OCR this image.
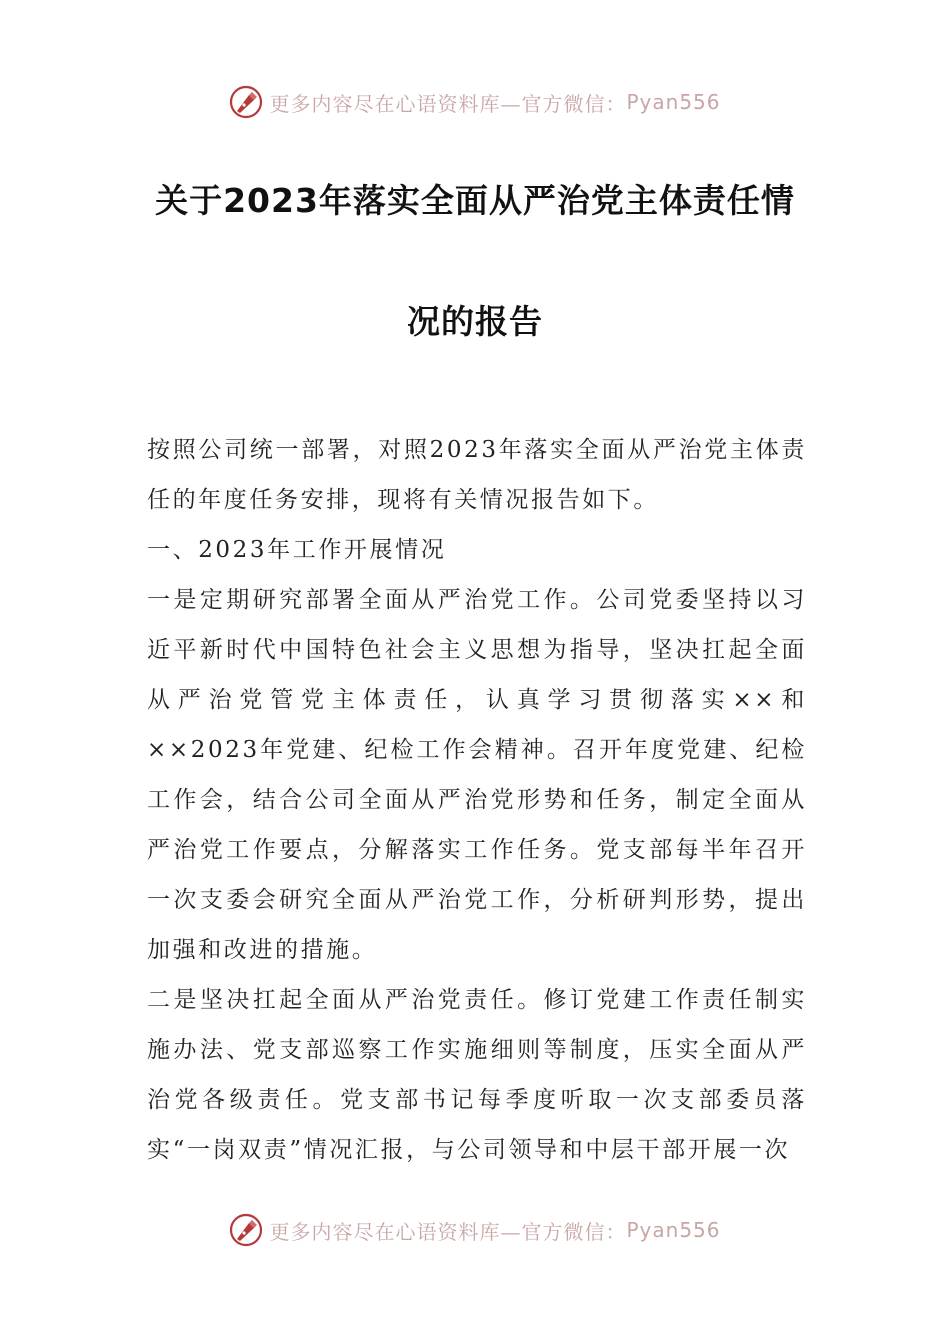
更多内容尽在心语资料库—官方微信： Pyan556
关于2023年落实全面从严治党主体责任情
况的报告

按照公司统一部署，对照2023年落实全面从严治党主体责任的年度任务安排，现将有关情况报告如下。

一、2023年工作开展情况

一是定期研究部署全面从严治党工作。公司党委坚持以习近平新时代中国特色社会主义思想为指导，坚决扛起全面从严治党管党主体责任，认真学习贯彻落实××和××2023年党建、纪检工作会精神。召开年度党建、纪检工作会，结合公司全面从严治党形势和任务，制定全面从严治党工作要点，分解落实工作任务。党支部每半年召开一次支委会研究全面从严治党工作，分析研判形势，提出加强和改进的措施。

二是坚决扛起全面从严治党责任。修订党建工作责任制实施办法、党支部巡察工作实施细则等制度，压实全面从严治党各级责任。党支部书记每季度听取一次支部委员落实“一岗双责”情况汇报，与公司领导和中层干部开展一次

更多内容尽在心语资料库—官方微信： Pyan556
